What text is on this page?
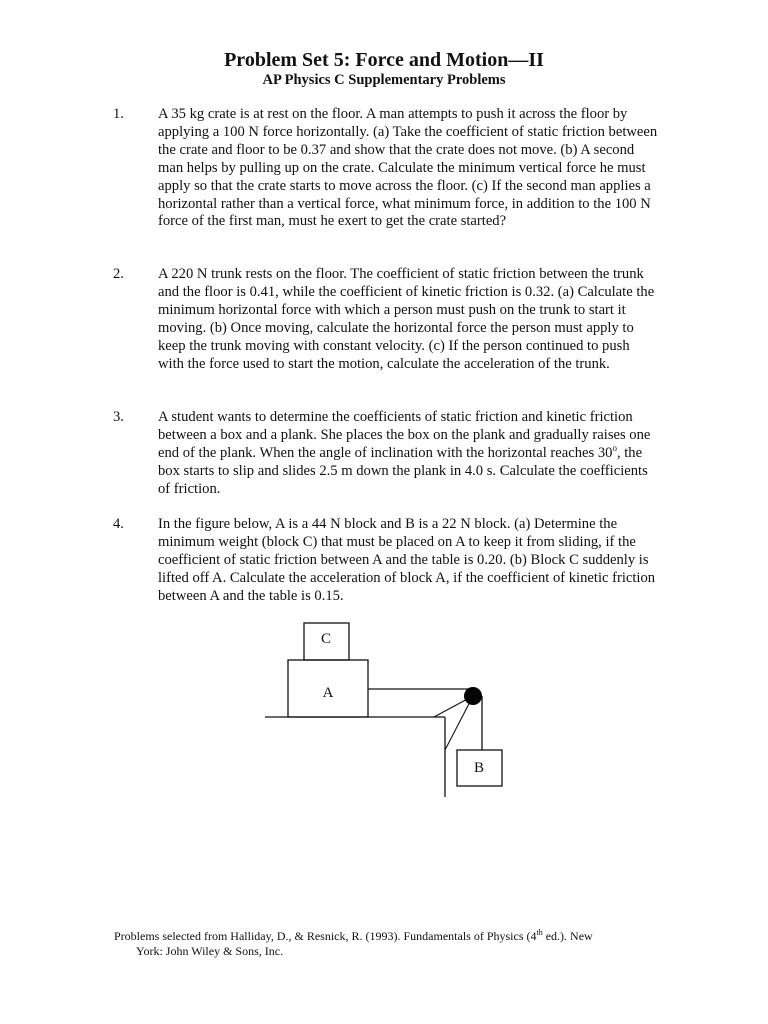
Problem Set 5: Force and Motion—II
AP Physics C Supplementary Problems
1. A 35 kg crate is at rest on the floor. A man attempts to push it across the floor by applying a 100 N force horizontally. (a) Take the coefficient of static friction between the crate and floor to be 0.37 and show that the crate does not move. (b) A second man helps by pulling up on the crate. Calculate the minimum vertical force he must apply so that the crate starts to move across the floor. (c) If the second man applies a horizontal rather than a vertical force, what minimum force, in addition to the 100 N force of the first man, must he exert to get the crate started?
2. A 220 N trunk rests on the floor. The coefficient of static friction between the trunk and the floor is 0.41, while the coefficient of kinetic friction is 0.32. (a) Calculate the minimum horizontal force with which a person must push on the trunk to start it moving. (b) Once moving, calculate the horizontal force the person must apply to keep the trunk moving with constant velocity. (c) If the person continued to push with the force used to start the motion, calculate the acceleration of the trunk.
3. A student wants to determine the coefficients of static friction and kinetic friction between a box and a plank. She places the box on the plank and gradually raises one end of the plank. When the angle of inclination with the horizontal reaches 30$^o$, the box starts to slip and slides 2.5 m down the plank in 4.0 s. Calculate the coefficients of friction.
4. In the figure below, A is a 44 N block and B is a 22 N block. (a) Determine the minimum weight (block C) that must be placed on A to keep it from sliding, if the coefficient of static friction between A and the table is 0.20. (b) Block C suddenly is lifted off A. Calculate the acceleration of block A, if the coefficient of kinetic friction between A and the table is 0.15.
C
A
B
Problems selected from Halliday, D., & Resnick, R. (1993). Fundamentals of Physics (4th ed.). New
York: John Wiley & Sons, Inc.
